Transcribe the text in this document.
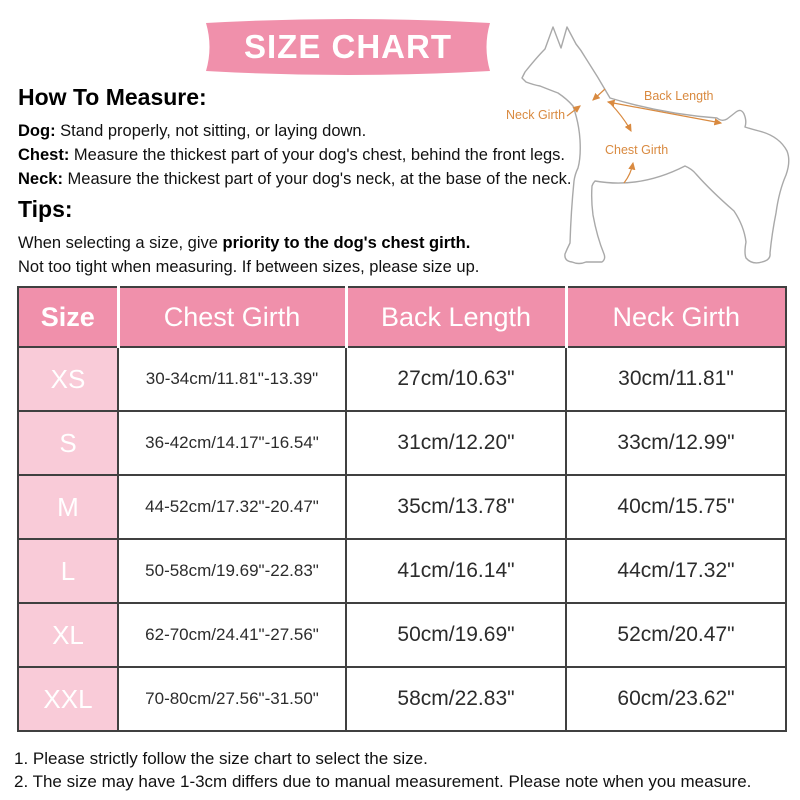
SIZE CHART
Neck Girth
Back Length
Chest Girth
How To Measure:

Dog: Stand properly, not sitting, or laying down.

Chest: Measure the thickest part of your dog's chest, behind the front legs.

Neck: Measure the thickest part of your dog's neck, at the base of the neck.

Tips:

When selecting a size, give priority to the dog's chest girth.

Not too tight when measuring. If between sizes, please size up.

Size	Chest Girth	Back Length	Neck Girth
XS	30-34cm/11.81"-13.39"	27cm/10.63"	30cm/11.81"
S	36-42cm/14.17"-16.54"	31cm/12.20"	33cm/12.99"
M	44-52cm/17.32"-20.47"	35cm/13.78"	40cm/15.75"
L	50-58cm/19.69"-22.83"	41cm/16.14"	44cm/17.32"
XL	62-70cm/24.41"-27.56"	50cm/19.69"	52cm/20.47"
XXL	70-80cm/27.56"-31.50"	58cm/22.83"	60cm/23.62"

1. Please strictly follow the size chart to select the size.

2. The size may have 1-3cm differs due to manual measurement. Please note when you measure.
